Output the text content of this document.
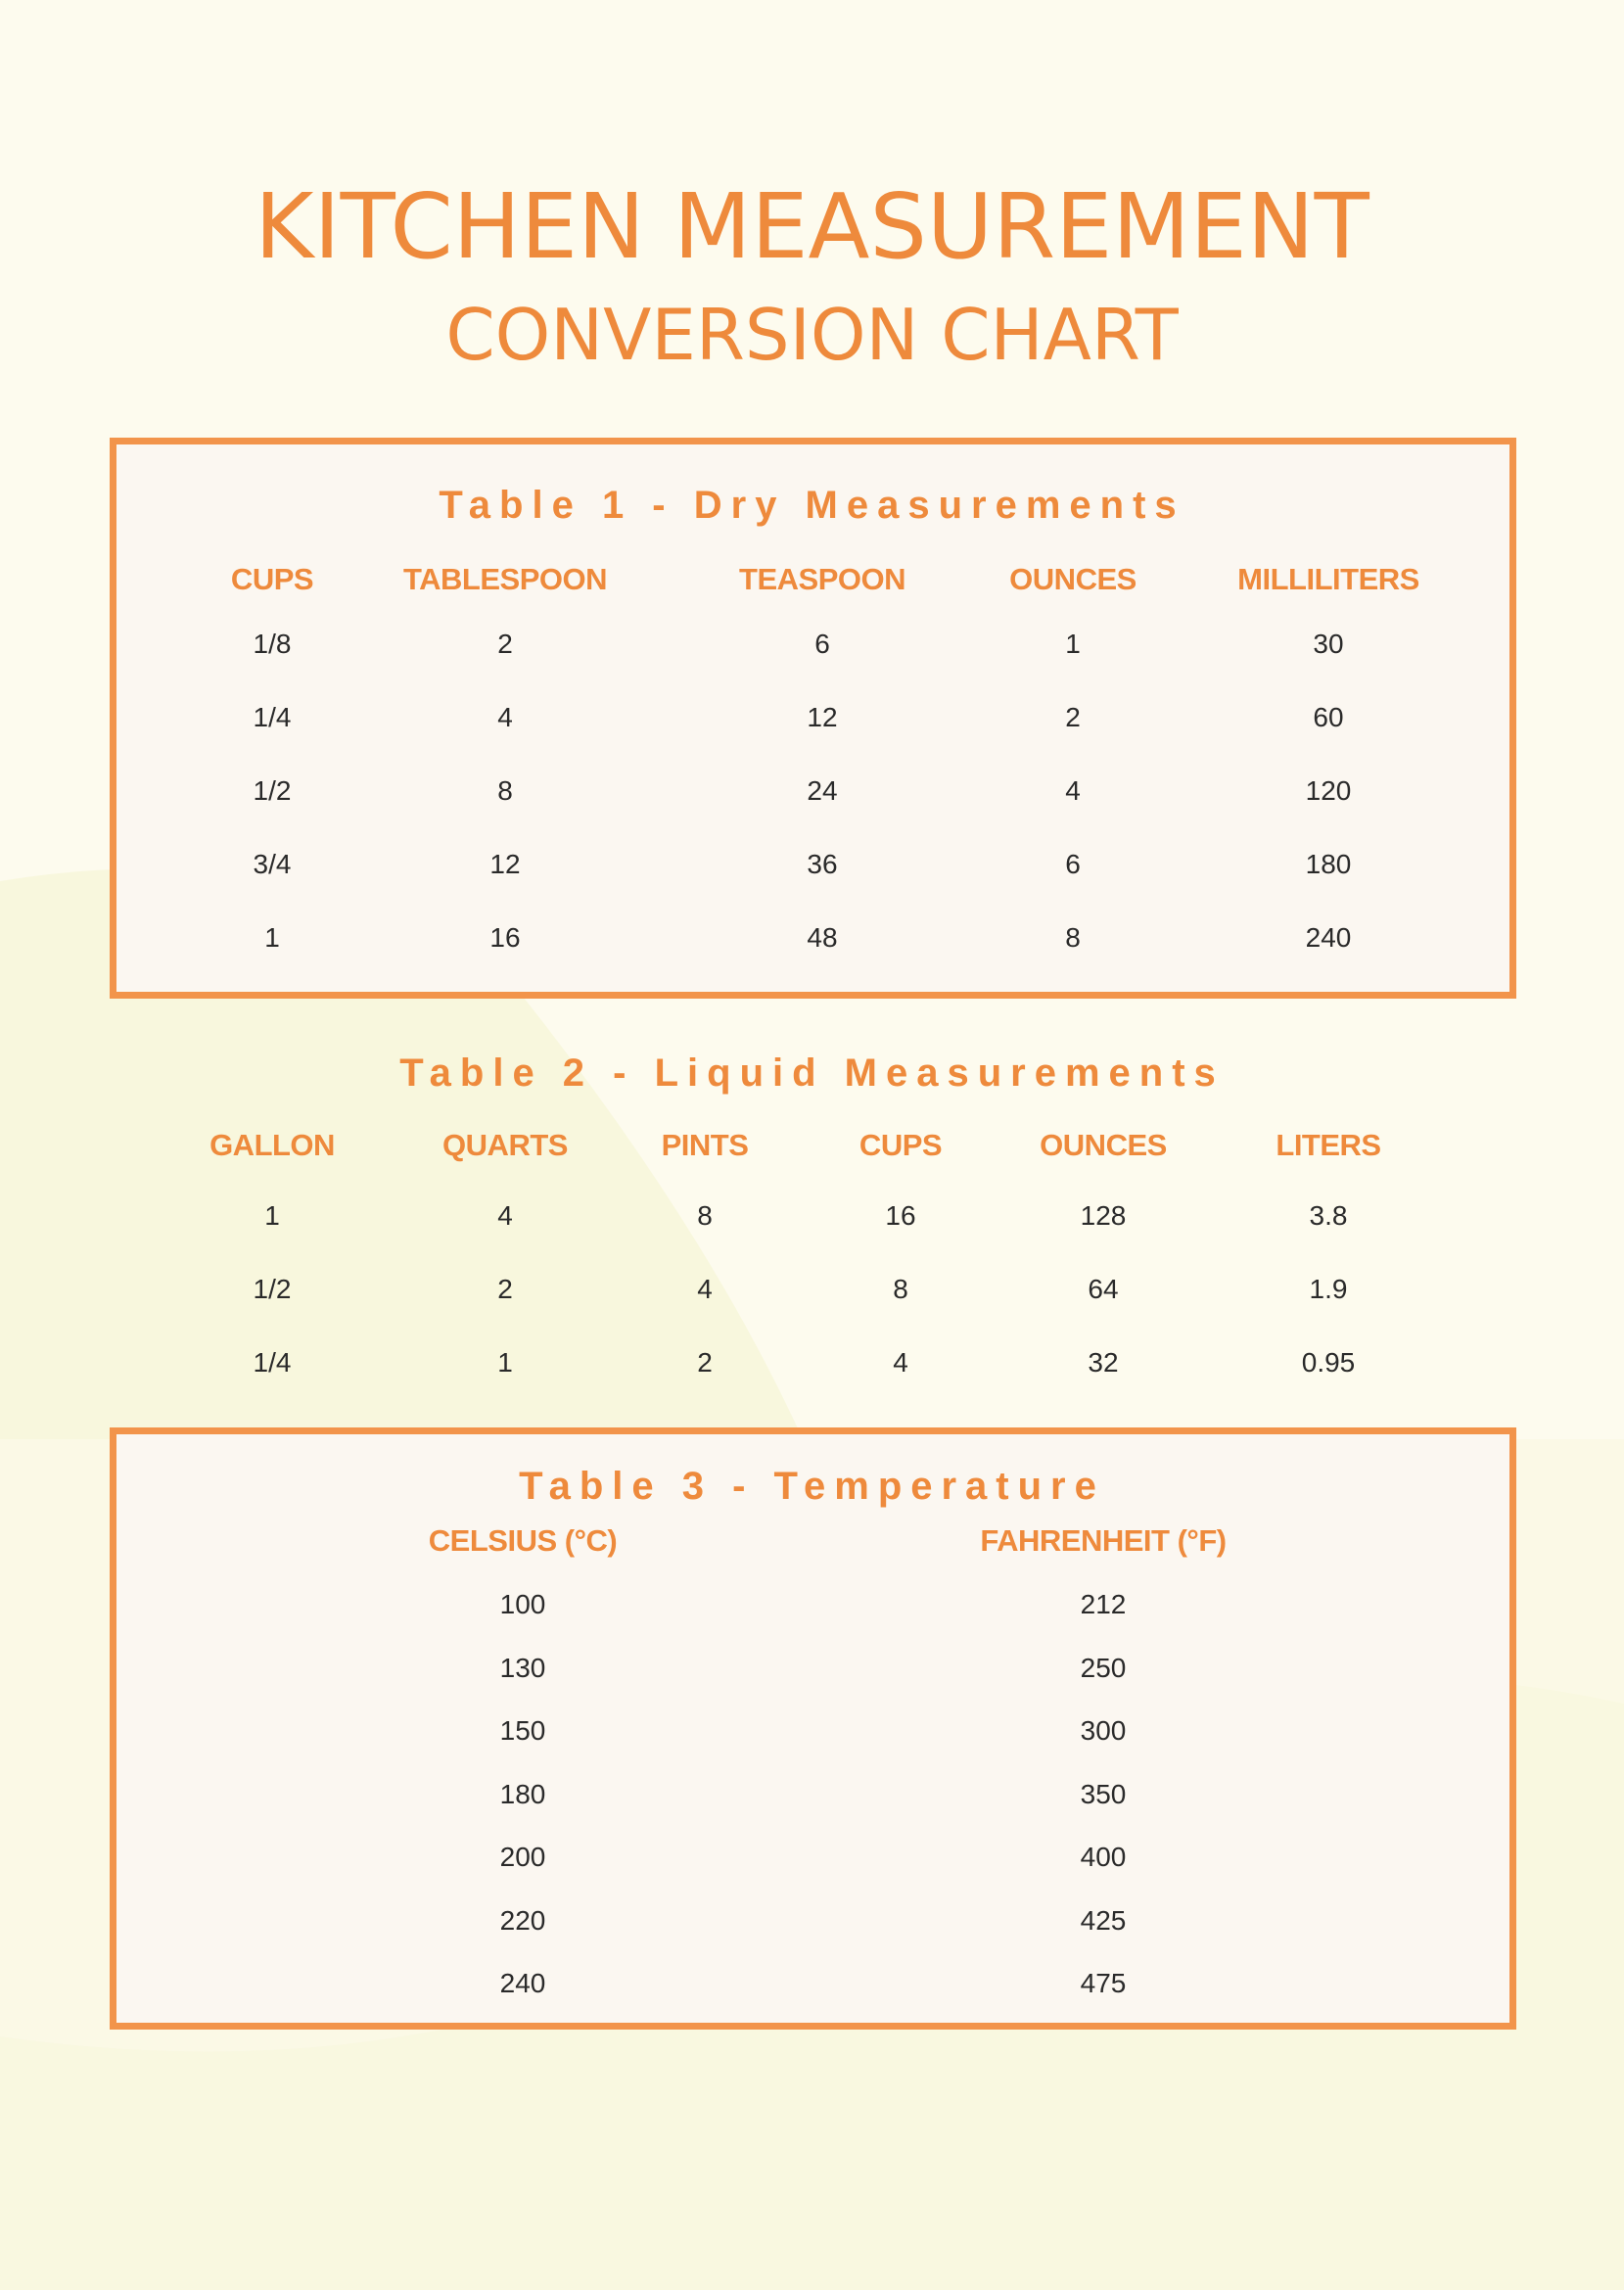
KITCHEN MEASUREMENT
CONVERSION CHART
Table 1 - Dry Measurements
CUPS	TABLESPOON	TEASPOON	OUNCES	MILLILITERS
1/8	2	6	1	30
1/4	4	12	2	60
1/2	8	24	4	120
3/4	12	36	6	180
1	16	48	8	240
Table 2 - Liquid Measurements
GALLON	QUARTS	PINTS	CUPS	OUNCES	LITERS
1	4	8	16	128	3.8
1/2	2	4	8	64	1.9
1/4	1	2	4	32	0.95
Table 3 - Temperature
CELSIUS (°C)	FAHRENHEIT (°F)
100	212
130	250
150	300
180	350
200	400
220	425
240	475
